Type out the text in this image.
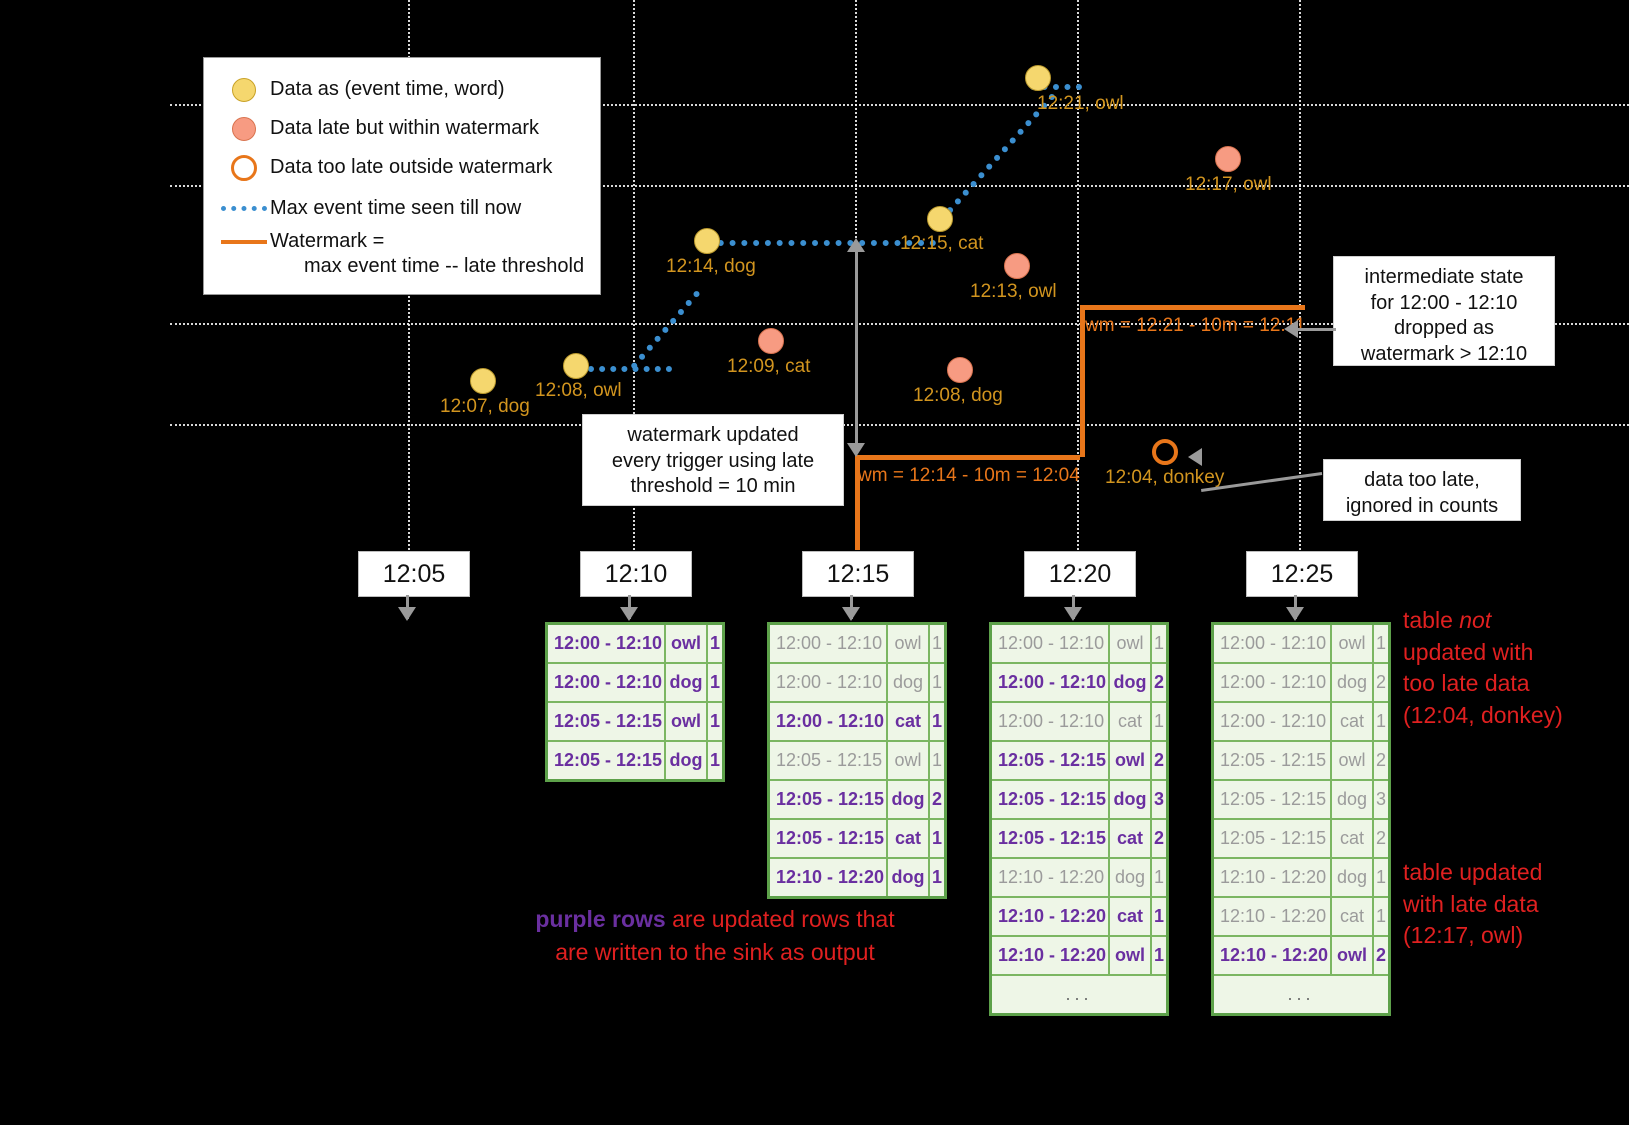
wm = 12:14 - 10m = 12:04
wm = 12:21 - 10m = 12:11
12:07, dog
12:08, owl
12:14, dog
12:15, cat
12:21, owl
12:09, cat
12:13, owl
12:08, dog
12:17, owl
12:04, donkey
Data as (event time, word)
Data late but within watermark
Data too late outside watermark
Max event time seen till now
Watermark =
max event time -- late threshold	intermediate state
for 12:00 - 12:10
dropped as
watermark > 12:10
watermark updated
every trigger using late
threshold = 10 min	data too late,
ignored in counts
12:05	12:10	12:15	12:20	12:25
12:00 - 12:10 owl 1
12:00 - 12:10 dog 1
12:05 - 12:15 owl 1
12:05 - 12:15 dog 1
12:00 - 12:10 owl 1
12:00 - 12:10 dog 1
12:00 - 12:10 cat 1
12:05 - 12:15 owl 1
12:05 - 12:15 dog 2
12:05 - 12:15 cat 1
12:10 - 12:20 dog 1
12:00 - 12:10 owl 1
12:00 - 12:10 dog 2
12:00 - 12:10 cat 1
12:05 - 12:15 owl 2
12:05 - 12:15 dog 3
12:05 - 12:15 cat 2
12:10 - 12:20 dog 1
12:10 - 12:20 cat 1
12:10 - 12:20 owl 1
...
12:00 - 12:10 owl 1
12:00 - 12:10 dog 2
12:00 - 12:10 cat 1
12:05 - 12:15 owl 2
12:05 - 12:15 dog 3
12:05 - 12:15 cat 2
12:10 - 12:20 dog 1
12:10 - 12:20 cat 1
12:10 - 12:20 owl 2
...
table not
updated with
too late data
(12:04, donkey)
table updated
with late data
(12:17, owl)
purple rows are updated rows that
are written to the sink as output
